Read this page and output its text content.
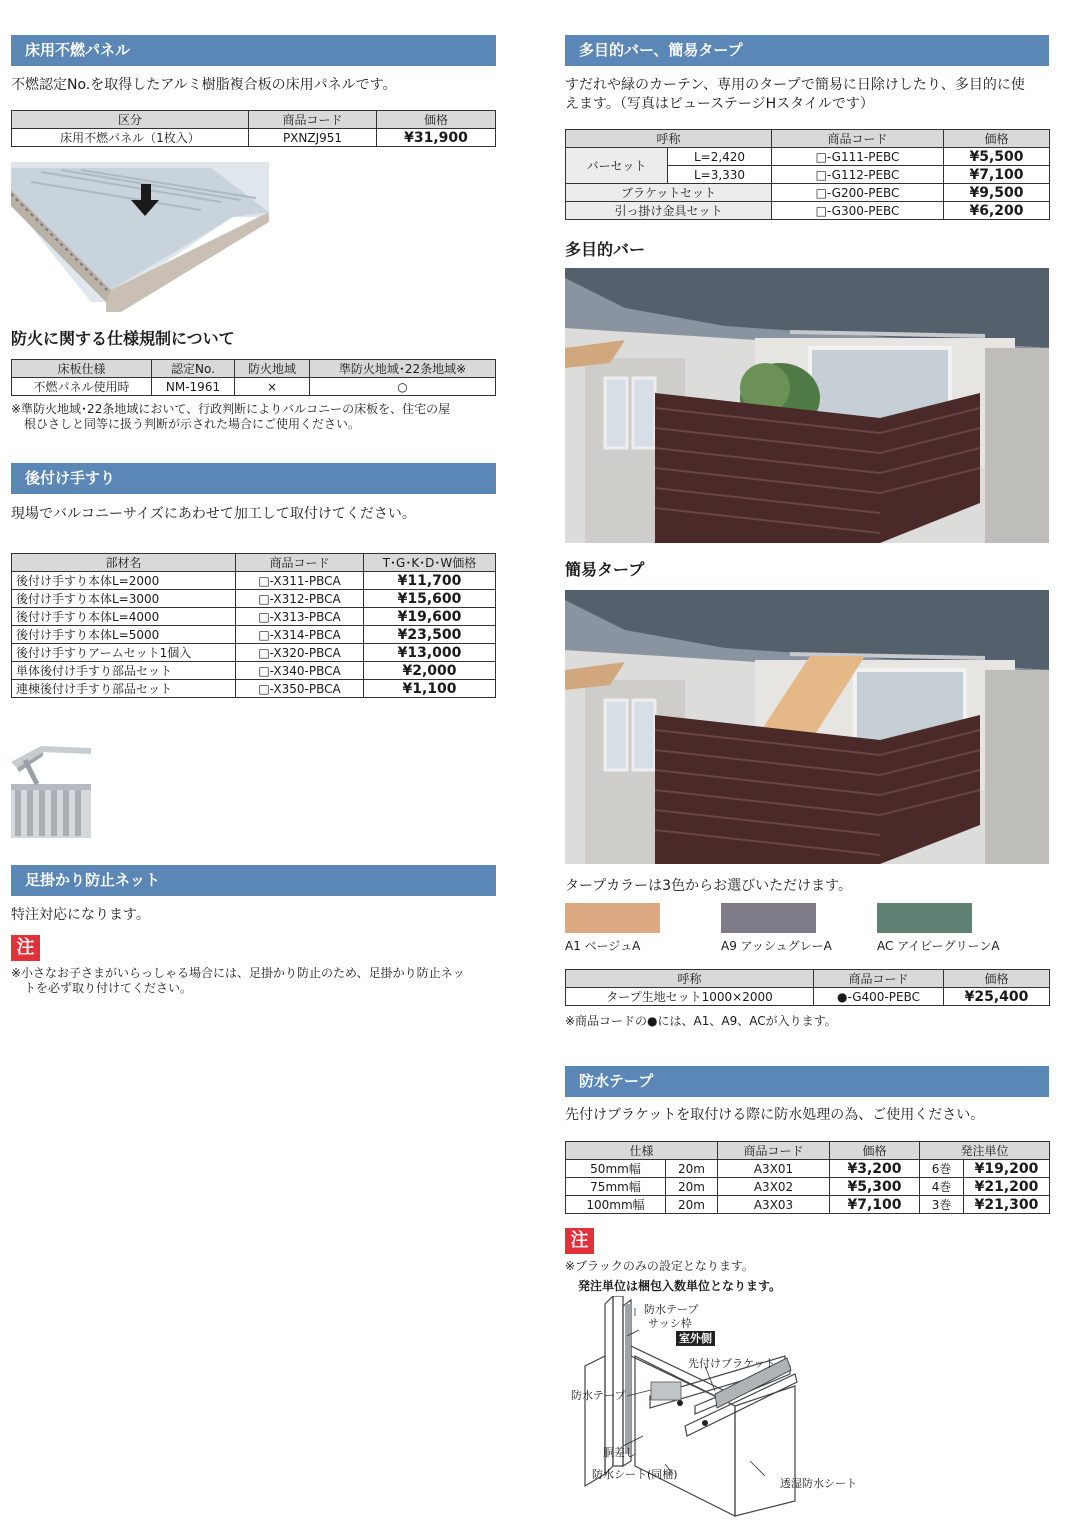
床用不燃パネル
不燃認定No.を取得したアルミ樹脂複合板の床用パネルです。
区分	商品コード	価格
床用不燃パネル（1枚入）	PXNZJ951	¥31,900
防火に関する仕様規制について
床板仕様	認定No.	防火地域	準防火地域･22条地域※
不燃パネル使用時	NM-1961	×	○
※準防火地域･22条地域において、行政判断によりバルコニーの床板を、住宅の屋
根ひさしと同等に扱う判断が示された場合にご使用ください。
後付け手すり
現場でバルコニーサイズにあわせて加工して取付けてください。
部材名	商品コード	T･G･K･D･W価格
後付け手すり本体L=2000	□-X311-PBCA	¥11,700
後付け手すり本体L=3000	□-X312-PBCA	¥15,600
後付け手すり本体L=4000	□-X313-PBCA	¥19,600
後付け手すり本体L=5000	□-X314-PBCA	¥23,500
後付け手すりアームセット1個入	□-X320-PBCA	¥13,000
単体後付け手すり部品セット	□-X340-PBCA	¥2,000
連棟後付け手すり部品セット	□-X350-PBCA	¥1,100
足掛かり防止ネット
特注対応になります。
注
※小さなお子さまがいらっしゃる場合には、足掛かり防止のため、足掛かり防止ネッ
トを必ず取り付けてください。
多目的バー、簡易タープ
すだれや緑のカーテン、専用のタープで簡易に日除けしたり、多目的に使
えます。（写真はビューステージHスタイルです）
呼称		商品コード	価格
バーセット	L=2,420	□-G111-PEBC	¥5,500
	L=3,330	□-G112-PEBC	¥7,100
ブラケットセット		□-G200-PEBC	¥9,500
引っ掛け金具セット		□-G300-PEBC	¥6,200
多目的バー
簡易タープ
タープカラーは3色からお選びいただけます。
A1 ベージュA	A9 アッシュグレーA	AC アイビーグリーンA
呼称	商品コード	価格
タープ生地セット1000×2000	●-G400-PEBC	¥25,400
※商品コードの●には、A1、A9、ACが入ります。
防水テープ
先付けブラケットを取付ける際に防水処理の為、ご使用ください。
仕様		商品コード	価格	発注単位	
50mm幅	20m	A3X01	¥3,200	6巻	¥19,200
75mm幅	20m	A3X02	¥5,300	4巻	¥21,200
100mm幅	20m	A3X03	¥7,100	3巻	¥21,300
注
※ブラックのみの設定となります。
発注単位は梱包入数単位となります。
防水テープ
サッシ枠
室外側
先付けブラケット
防水テープ
胴差し
防水シート(同梱)
透湿防水シート
